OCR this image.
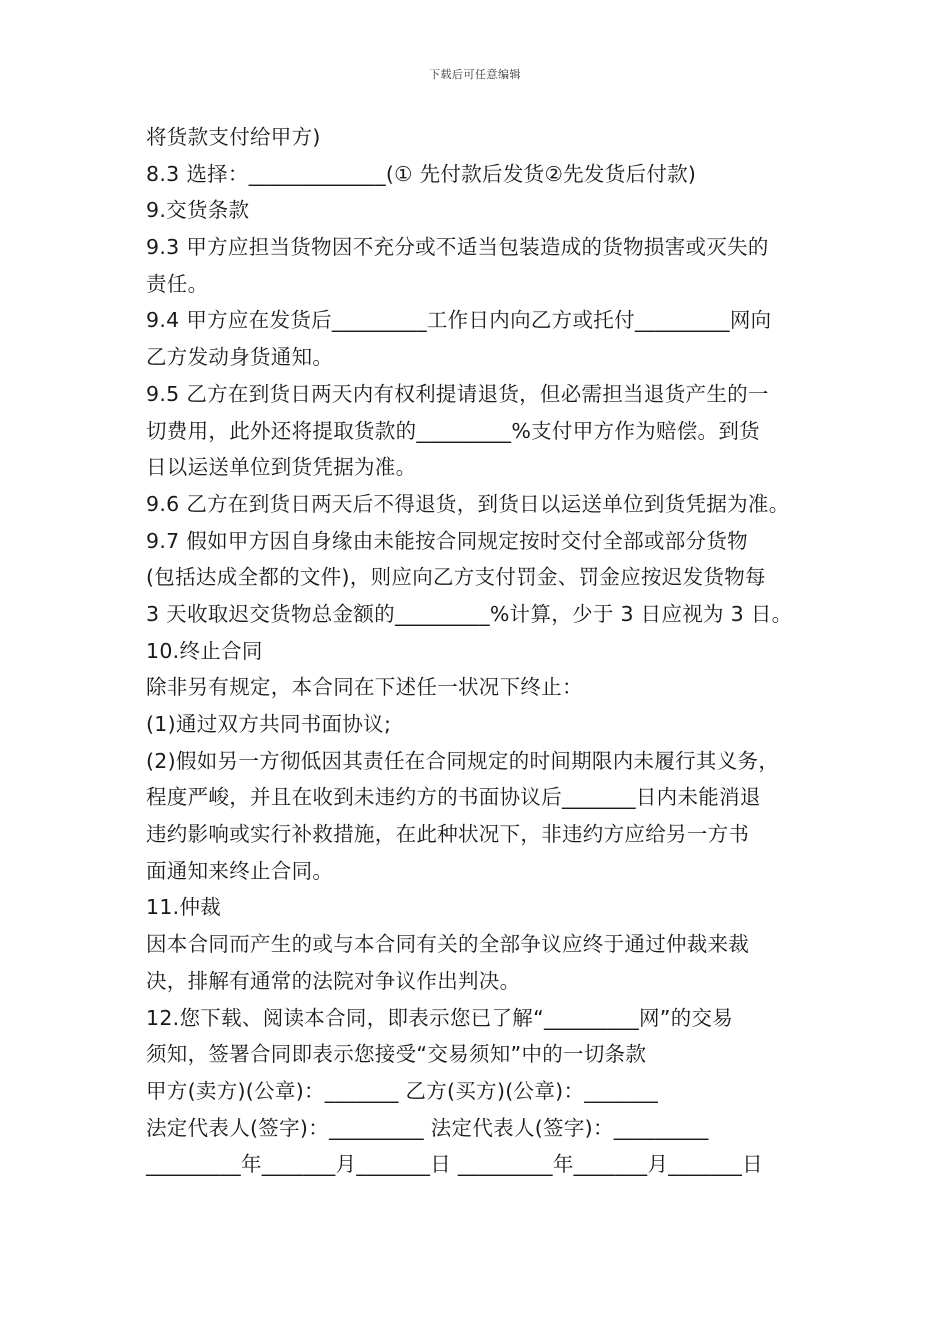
下载后可任意编辑
将货款支付给甲方)
8.3 选择：_____________(① 先付款后发货②先发货后付款)
9.交货条款
9.3 甲方应担当货物因不充分或不适当包装造成的货物损害或灭失的
责任。
9.4 甲方应在发货后_________工作日内向乙方或托付_________网向
乙方发动身货通知。
9.5 乙方在到货日两天内有权利提请退货，但必需担当退货产生的一
切费用，此外还将提取货款的_________%支付甲方作为赔偿。到货
日以运送单位到货凭据为准。
9.6 乙方在到货日两天后不得退货，到货日以运送单位到货凭据为准。
9.7 假如甲方因自身缘由未能按合同规定按时交付全部或部分货物
(包括达成全都的文件)，则应向乙方支付罚金、罚金应按迟发货物每
3 天收取迟交货物总金额的_________%计算，少于 3 日应视为 3 日。
10.终止合同
除非另有规定，本合同在下述任一状况下终止：
(1)通过双方共同书面协议;
(2)假如另一方彻低因其责任在合同规定的时间期限内未履行其义务，
程度严峻，并且在收到未违约方的书面协议后_______日内未能消退
违约影响或实行补救措施，在此种状况下，非违约方应给另一方书
面通知来终止合同。
11.仲裁
因本合同而产生的或与本合同有关的全部争议应终于通过仲裁来裁
决，排解有通常的法院对争议作出判决。
12.您下载、阅读本合同，即表示您已了解“_________网”的交易
须知，签署合同即表示您接受“交易须知”中的一切条款
甲方(卖方)(公章)：_______ 乙方(买方)(公章)：_______
法定代表人(签字)：_________ 法定代表人(签字)：_________
_________年_______月_______日 _________年_______月_______日
